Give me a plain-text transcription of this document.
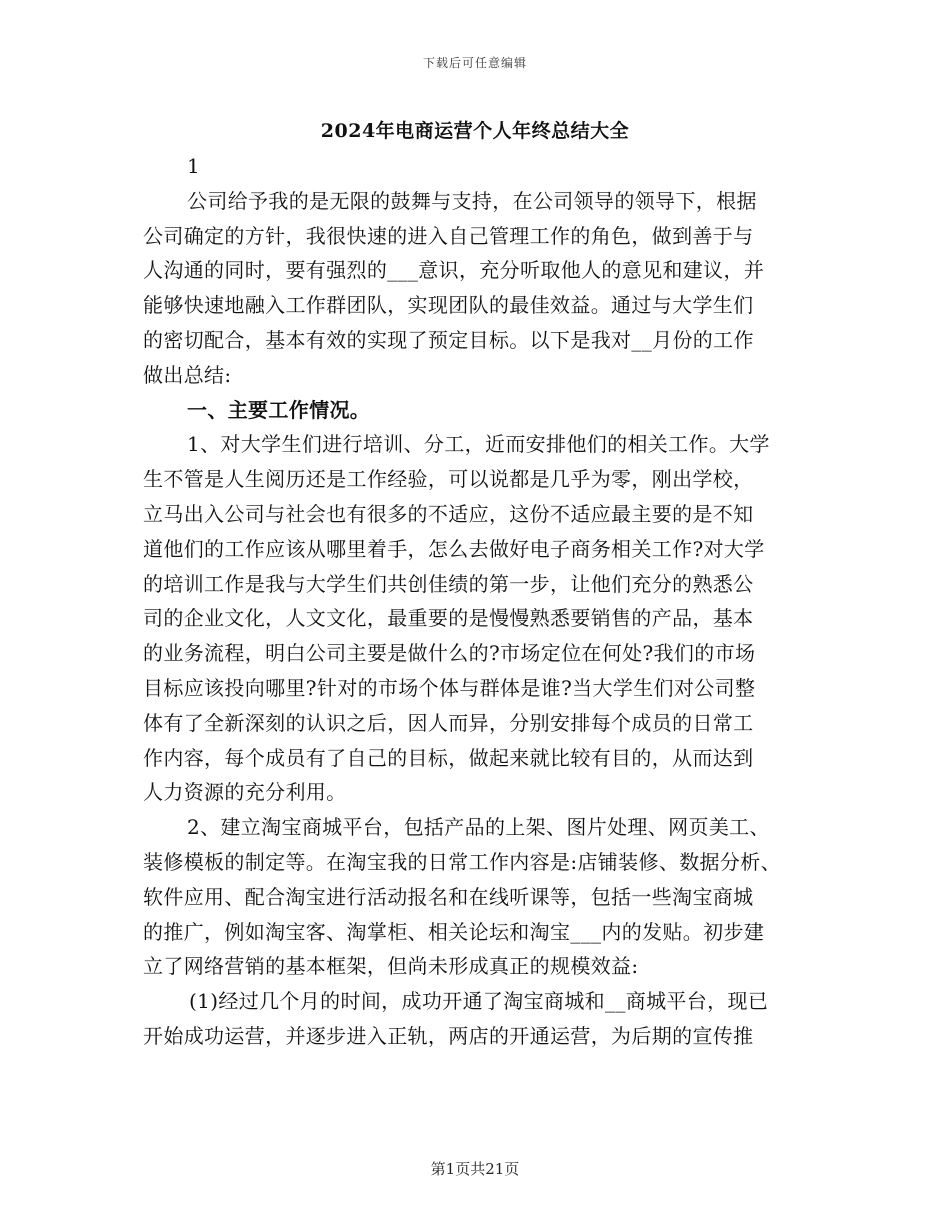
下载后可任意编辑
2024年电商运营个人年终总结大全
1
公司给予我的是无限的鼓舞与支持，在公司领导的领导下，根据
公司确定的方针，我很快速的进入自己管理工作的角色，做到善于与
人沟通的同时，要有强烈的___意识，充分听取他人的意见和建议，并
能够快速地融入工作群团队，实现团队的最佳效益。通过与大学生们
的密切配合，基本有效的实现了预定目标。以下是我对__月份的工作
做出总结:
一、主要工作情况。
1、对大学生们进行培训、分工，近而安排他们的相关工作。大学
生不管是人生阅历还是工作经验，可以说都是几乎为零，刚出学校，
立马出入公司与社会也有很多的不适应，这份不适应最主要的是不知
道他们的工作应该从哪里着手，怎么去做好电子商务相关工作?对大学
的培训工作是我与大学生们共创佳绩的第一步，让他们充分的熟悉公
司的企业文化，人文文化，最重要的是慢慢熟悉要销售的产品，基本
的业务流程，明白公司主要是做什么的?市场定位在何处?我们的市场
目标应该投向哪里?针对的市场个体与群体是谁?当大学生们对公司整
体有了全新深刻的认识之后，因人而异，分别安排每个成员的日常工
作内容，每个成员有了自己的目标，做起来就比较有目的，从而达到
人力资源的充分利用。
2、建立淘宝商城平台，包括产品的上架、图片处理、网页美工、
装修模板的制定等。在淘宝我的日常工作内容是:店铺装修、数据分析、
软件应用、配合淘宝进行活动报名和在线听课等，包括一些淘宝商城
的推广，例如淘宝客、淘掌柜、相关论坛和淘宝___内的发贴。初步建
立了网络营销的基本框架，但尚未形成真正的规模效益:
(1)经过几个月的时间，成功开通了淘宝商城和__商城平台，现已
开始成功运营，并逐步进入正轨，两店的开通运营，为后期的宣传推
第1页共21页
